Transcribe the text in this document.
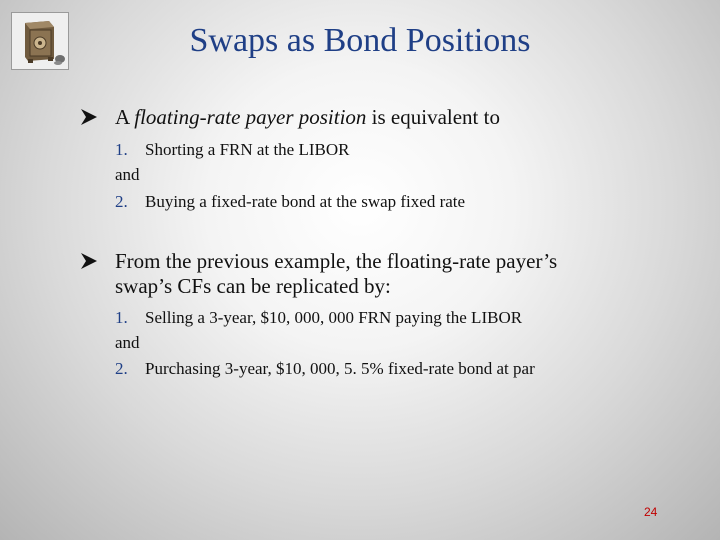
Swaps as Bond Positions
A floating-rate payer position is equivalent to
1. Shorting a FRN at the LIBOR
and
2. Buying a fixed-rate bond at the swap fixed rate
From the previous example, the floating-rate payer’s
swap’s CFs can be replicated by:
1. Selling a 3-year, $10, 000, 000 FRN paying the LIBOR
and
2. Purchasing 3-year, $10, 000, 5. 5% fixed-rate bond at par
24
